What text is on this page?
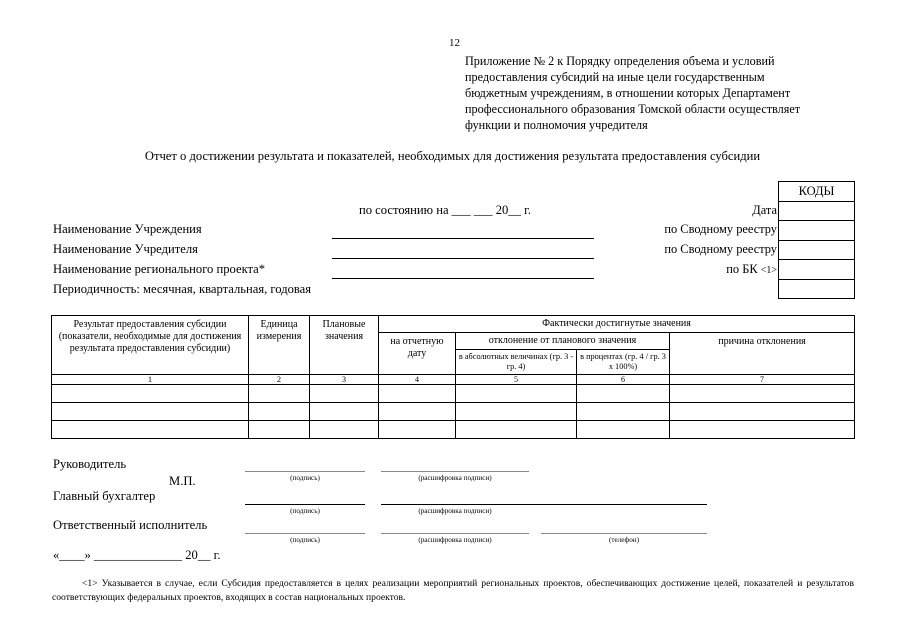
12
Приложение № 2 к Порядку определения объема и условий
предоставления субсидий на иные цели государственным
бюджетным учреждениям, в отношении которых Департамент
профессионального образования Томской области осуществляет
функции и полномочия учредителя
Отчет о достижении результата и показателей, необходимых для достижения результата предоставления субсидии
КОДЫ

по состоянию на ___ ___ 20__ г.	Дата
по Сводному реестру
по Сводному реестру
по БК <1>
Наименование Учреждения
Наименование Учредителя
Наименование регионального проекта*
Периодичность: месячная, квартальная, годовая
Результат предоставления субсидии (показатели, необходимые для достижения результата предоставления субсидии)	Единица измерения	Плановые значения	Фактически достигнутые значения			
			на отчетную дату	отклонение от планового значения		причина отклонения
				в абсолютных величинах (гр. 3 - гр. 4)	в процентах (гр. 4 / гр. 3 x 100%)	
1	2	3	4	5	6	7

Руководитель
М.П.	(подпись)	(расшифровка подписи)
Главный бухгалтер
(подпись)	(расшифровка подписи)
Ответственный исполнитель
(подпись)	(расшифровка подписи)	(телефон)
«____» ______________ 20__ г.
<1> Указывается в случае, если Субсидия предоставляется в целях реализации мероприятий региональных проектов, обеспечивающих достижение целей, показателей и результатов соответствующих федеральных проектов, входящих в состав национальных проектов.
